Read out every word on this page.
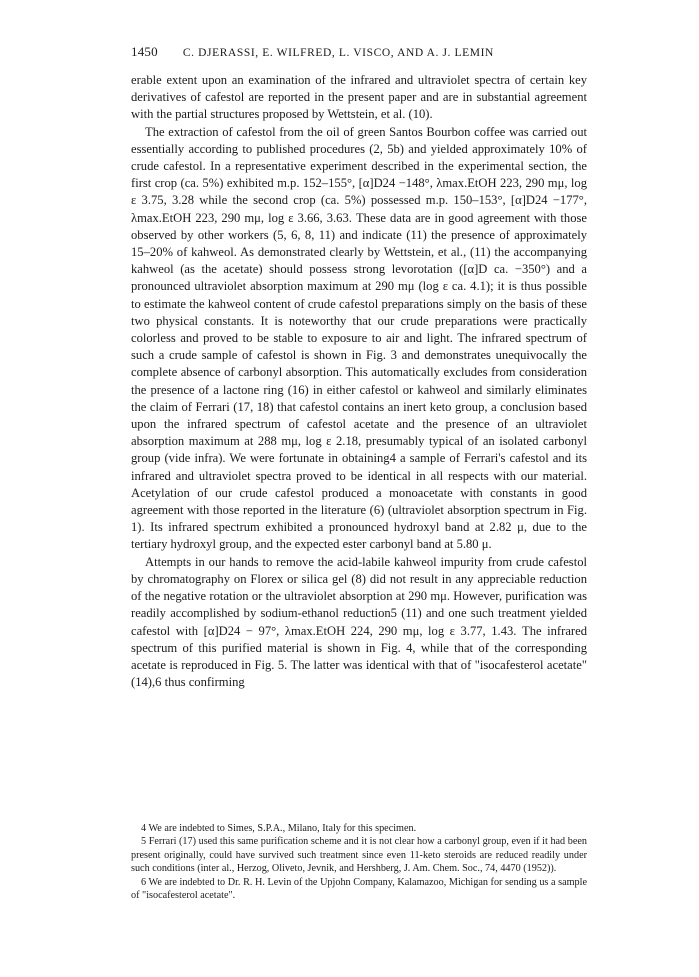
1450 C. DJERASSI, E. WILFRED, L. VISCO, AND A. J. LEMIN

erable extent upon an examination of the infrared and ultraviolet spectra of certain key derivatives of cafestol are reported in the present paper and are in substantial agreement with the partial structures proposed by Wettstein, et al. (10).

The extraction of cafestol from the oil of green Santos Bourbon coffee was carried out essentially according to published procedures (2, 5b) and yielded approximately 10% of crude cafestol. In a representative experiment described in the experimental section, the first crop (ca. 5%) exhibited m.p. 152–155°, [α]D24 −148°, λmax.EtOH 223, 290 mμ, log ε 3.75, 3.28 while the second crop (ca. 5%) possessed m.p. 150–153°, [α]D24 −177°, λmax.EtOH 223, 290 mμ, log ε 3.66, 3.63. These data are in good agreement with those observed by other workers (5, 6, 8, 11) and indicate (11) the presence of approximately 15–20% of kahweol. As demonstrated clearly by Wettstein, et al., (11) the accompanying kahweol (as the acetate) should possess strong levorotation ([α]D ca. −350°) and a pronounced ultraviolet absorption maximum at 290 mμ (log ε ca. 4.1); it is thus possible to estimate the kahweol content of crude cafestol preparations simply on the basis of these two physical constants. It is noteworthy that our crude preparations were practically colorless and proved to be stable to exposure to air and light. The infrared spectrum of such a crude sample of cafestol is shown in Fig. 3 and demonstrates unequivocally the complete absence of carbonyl absorption. This automatically excludes from consideration the presence of a lactone ring (16) in either cafestol or kahweol and similarly eliminates the claim of Ferrari (17, 18) that cafestol contains an inert keto group, a conclusion based upon the infrared spectrum of cafestol acetate and the presence of an ultraviolet absorption maximum at 288 mμ, log ε 2.18, presumably typical of an isolated carbonyl group (vide infra). We were fortunate in obtaining4 a sample of Ferrari's cafestol and its infrared and ultraviolet spectra proved to be identical in all respects with our material. Acetylation of our crude cafestol produced a monoacetate with constants in good agreement with those reported in the literature (6) (ultraviolet absorption spectrum in Fig. 1). Its infrared spectrum exhibited a pronounced hydroxyl band at 2.82 μ, due to the tertiary hydroxyl group, and the expected ester carbonyl band at 5.80 μ.

Attempts in our hands to remove the acid-labile kahweol impurity from crude cafestol by chromatography on Florex or silica gel (8) did not result in any appreciable reduction of the negative rotation or the ultraviolet absorption at 290 mμ. However, purification was readily accomplished by sodium-ethanol reduction5 (11) and one such treatment yielded cafestol with [α]D24 − 97°, λmax.EtOH 224, 290 mμ, log ε 3.77, 1.43. The infrared spectrum of this purified material is shown in Fig. 4, while that of the corresponding acetate is reproduced in Fig. 5. The latter was identical with that of "isocafesterol acetate" (14),6 thus confirming

4 We are indebted to Simes, S.P.A., Milano, Italy for this specimen.

5 Ferrari (17) used this same purification scheme and it is not clear how a carbonyl group, even if it had been present originally, could have survived such treatment since even 11-keto steroids are reduced readily under such conditions (inter al., Herzog, Oliveto, Jevnik, and Hershberg, J. Am. Chem. Soc., 74, 4470 (1952)).

6 We are indebted to Dr. R. H. Levin of the Upjohn Company, Kalamazoo, Michigan for sending us a sample of "isocafesterol acetate".
